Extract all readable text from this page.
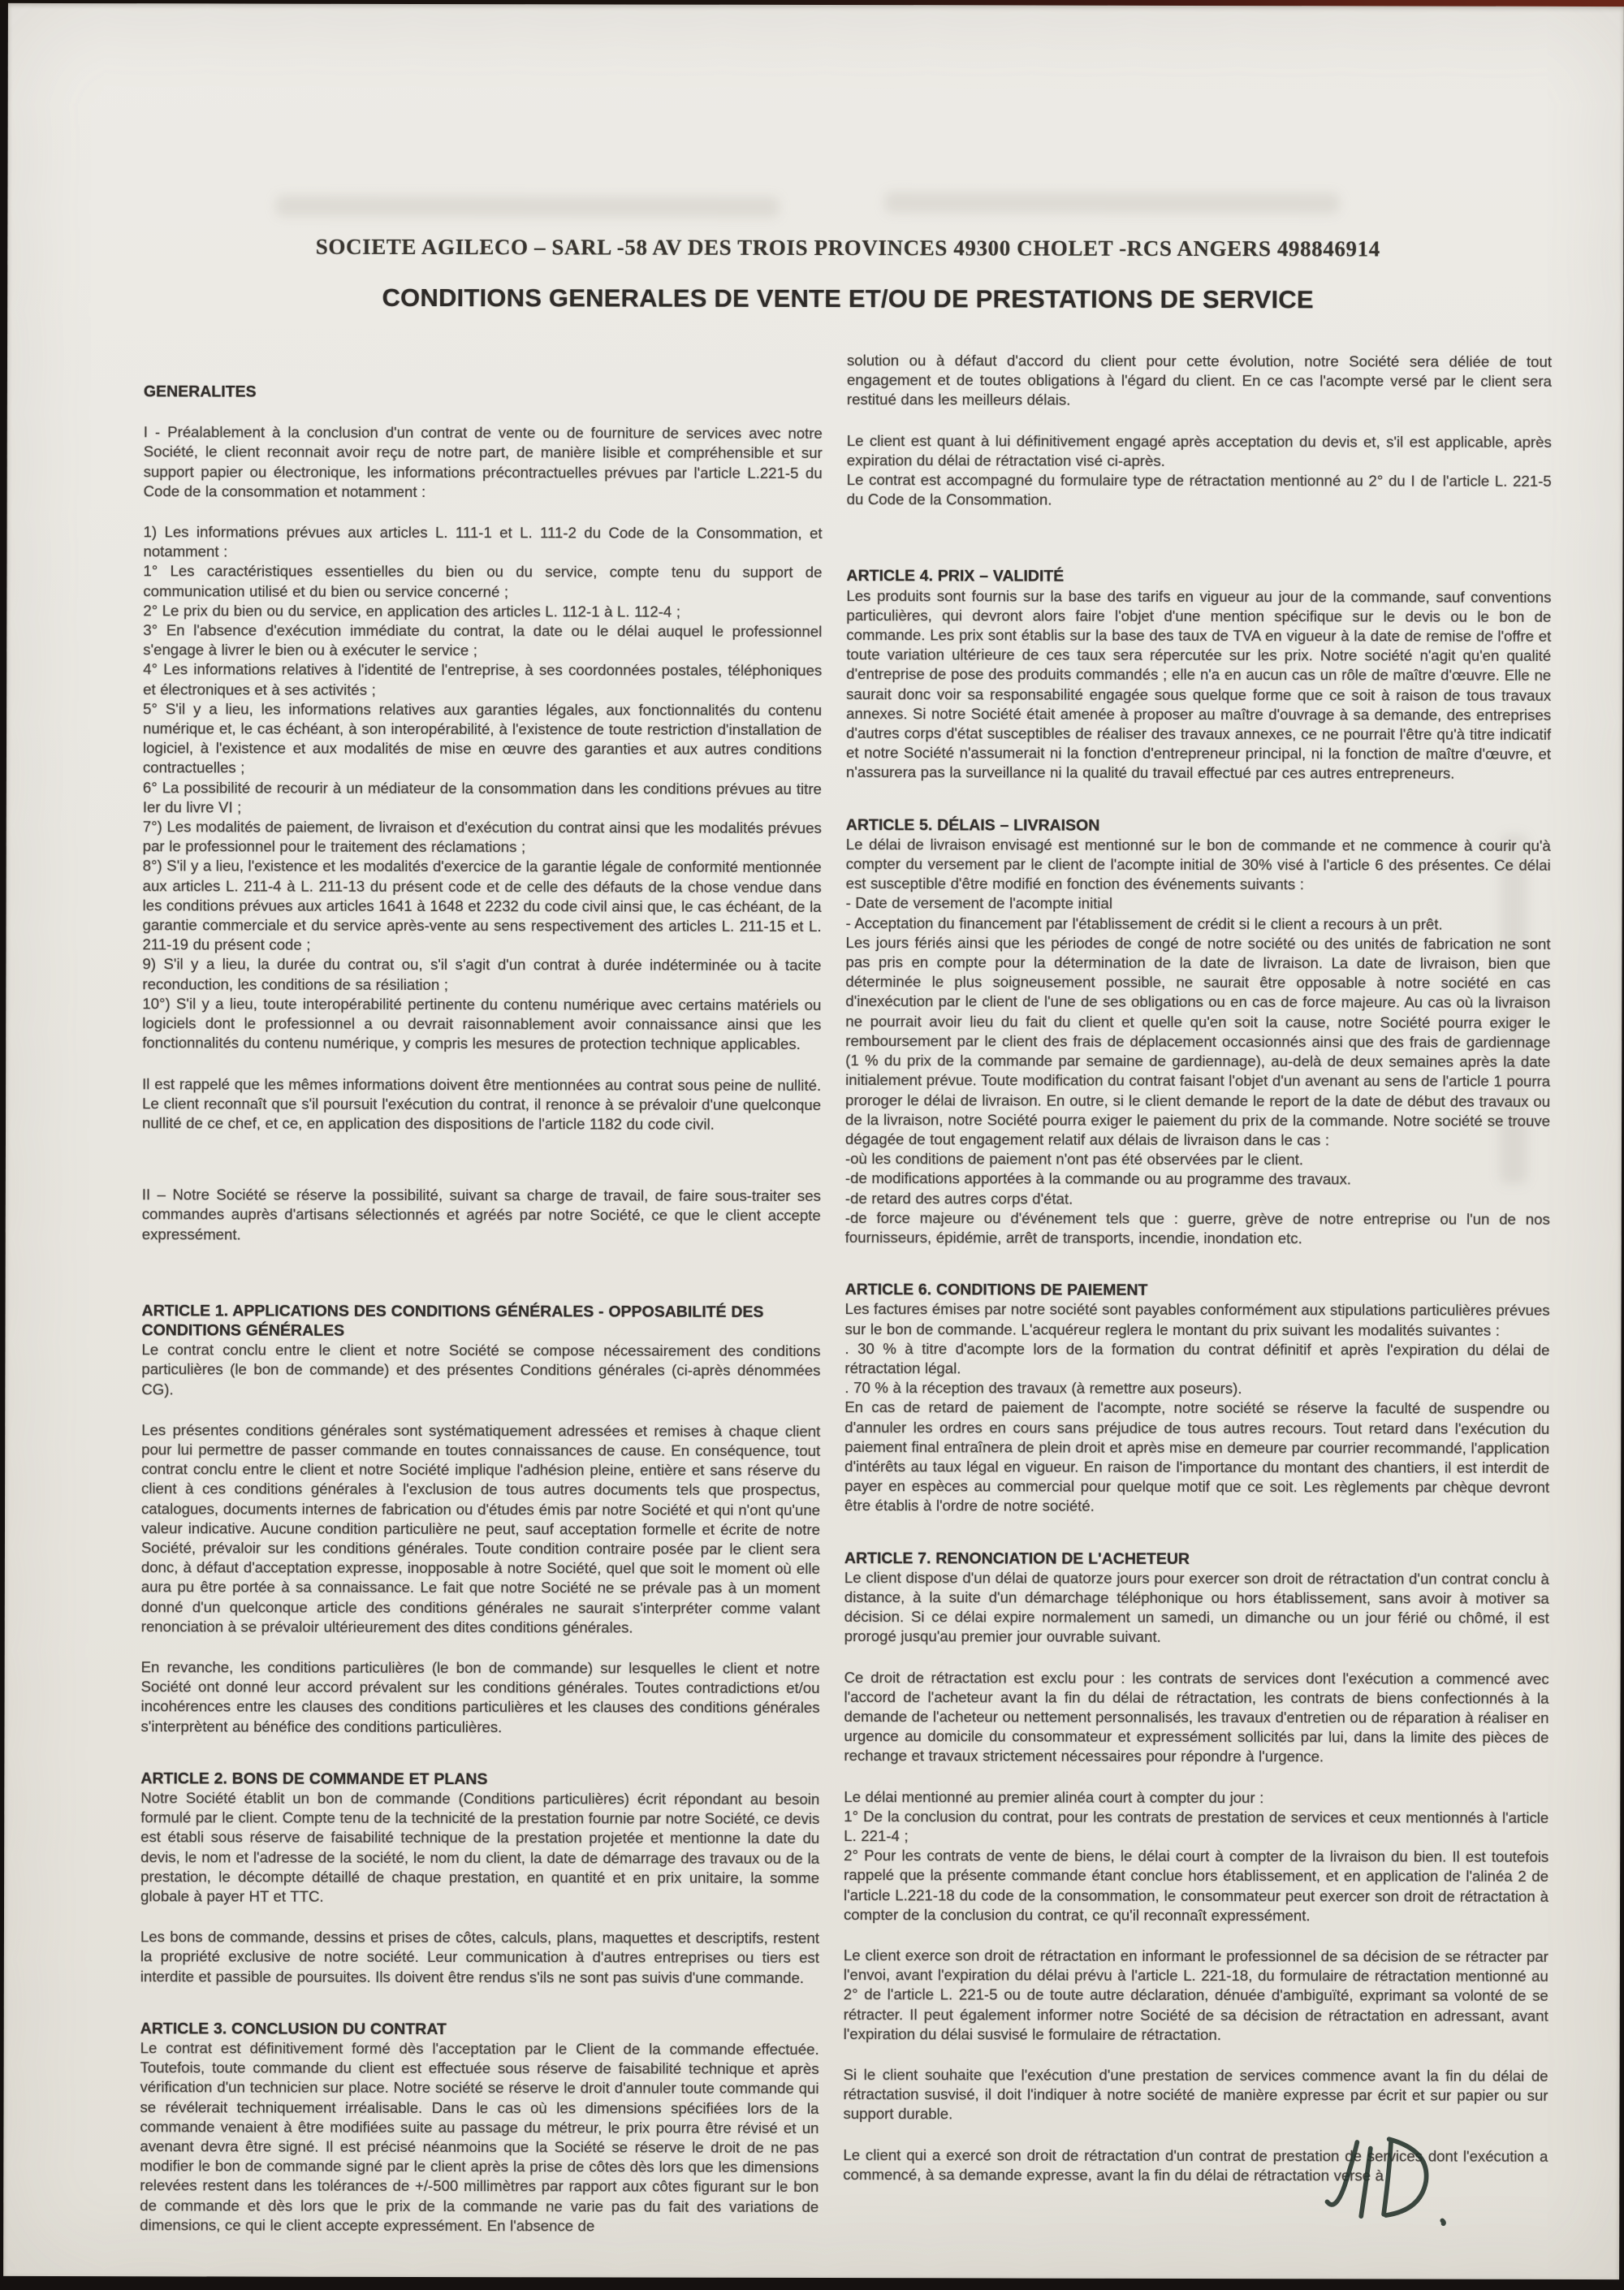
SOCIETE AGILECO – SARL -58 AV DES TROIS PROVINCES 49300 CHOLET -RCS ANGERS 498846914
CONDITIONS GENERALES DE VENTE ET/OU DE PRESTATIONS DE SERVICE
GENERALITES
I - Préalablement à la conclusion d'un contrat de vente ou de fourniture de services avec notre Société, le client reconnait avoir reçu de notre part, de manière lisible et compréhensible et sur support papier ou électronique, les informations précontractuelles prévues par l'article L.221-5 du Code de la consommation et notamment :
1) Les informations prévues aux articles L. 111-1 et L. 111-2 du Code de la Consommation, et notamment :
1° Les caractéristiques essentielles du bien ou du service, compte tenu du support de communication utilisé et du bien ou service concerné ;
2° Le prix du bien ou du service, en application des articles L. 112-1 à L. 112-4 ;
3° En l'absence d'exécution immédiate du contrat, la date ou le délai auquel le professionnel s'engage à livrer le bien ou à exécuter le service ;
4° Les informations relatives à l'identité de l'entreprise, à ses coordonnées postales, téléphoniques et électroniques et à ses activités ;
5° S'il y a lieu, les informations relatives aux garanties légales, aux fonctionnalités du contenu numérique et, le cas échéant, à son interopérabilité, à l'existence de toute restriction d'installation de logiciel, à l'existence et aux modalités de mise en œuvre des garanties et aux autres conditions contractuelles ;
6° La possibilité de recourir à un médiateur de la consommation dans les conditions prévues au titre Ier du livre VI ;
7°) Les modalités de paiement, de livraison et d'exécution du contrat ainsi que les modalités prévues par le professionnel pour le traitement des réclamations ;
8°) S'il y a lieu, l'existence et les modalités d'exercice de la garantie légale de conformité mentionnée aux articles L. 211-4 à L. 211-13 du présent code et de celle des défauts de la chose vendue dans les conditions prévues aux articles 1641 à 1648 et 2232 du code civil ainsi que, le cas échéant, de la garantie commerciale et du service après-vente au sens respectivement des articles L. 211-15 et L. 211-19 du présent code ;
9) S'il y a lieu, la durée du contrat ou, s'il s'agit d'un contrat à durée indéterminée ou à tacite reconduction, les conditions de sa résiliation ;
10°) S'il y a lieu, toute interopérabilité pertinente du contenu numérique avec certains matériels ou logiciels dont le professionnel a ou devrait raisonnablement avoir connaissance ainsi que les fonctionnalités du contenu numérique, y compris les mesures de protection technique applicables.
Il est rappelé que les mêmes informations doivent être mentionnées au contrat sous peine de nullité. Le client reconnaît que s'il poursuit l'exécution du contrat, il renonce à se prévaloir d'une quelconque nullité de ce chef, et ce, en application des dispositions de l'article 1182 du code civil.
II – Notre Société se réserve la possibilité, suivant sa charge de travail, de faire sous-traiter ses commandes auprès d'artisans sélectionnés et agréés par notre Société, ce que le client accepte expressément.
ARTICLE 1. APPLICATIONS DES CONDITIONS GÉNÉRALES - OPPOSABILITÉ DES CONDITIONS GÉNÉRALES
Le contrat conclu entre le client et notre Société se compose nécessairement des conditions particulières (le bon de commande) et des présentes Conditions générales (ci-après dénommées CG).
Les présentes conditions générales sont systématiquement adressées et remises à chaque client pour lui permettre de passer commande en toutes connaissances de cause. En conséquence, tout contrat conclu entre le client et notre Société implique l'adhésion pleine, entière et sans réserve du client à ces conditions générales à l'exclusion de tous autres documents tels que prospectus, catalogues, documents internes de fabrication ou d'études émis par notre Société et qui n'ont qu'une valeur indicative. Aucune condition particulière ne peut, sauf acceptation formelle et écrite de notre Société, prévaloir sur les conditions générales. Toute condition contraire posée par le client sera donc, à défaut d'acceptation expresse, inopposable à notre Société, quel que soit le moment où elle aura pu être portée à sa connaissance. Le fait que notre Société ne se prévale pas à un moment donné d'un quelconque article des conditions générales ne saurait s'interpréter comme valant renonciation à se prévaloir ultérieurement des dites conditions générales.
En revanche, les conditions particulières (le bon de commande) sur lesquelles le client et notre Société ont donné leur accord prévalent sur les conditions générales. Toutes contradictions et/ou incohérences entre les clauses des conditions particulières et les clauses des conditions générales s'interprètent au bénéfice des conditions particulières.
ARTICLE 2. BONS DE COMMANDE ET PLANS
Notre Société établit un bon de commande (Conditions particulières) écrit répondant au besoin formulé par le client. Compte tenu de la technicité de la prestation fournie par notre Société, ce devis est établi sous réserve de faisabilité technique de la prestation projetée et mentionne la date du devis, le nom et l'adresse de la société, le nom du client, la date de démarrage des travaux ou de la prestation, le décompte détaillé de chaque prestation, en quantité et en prix unitaire, la somme globale à payer HT et TTC.
Les bons de commande, dessins et prises de côtes, calculs, plans, maquettes et descriptifs, restent la propriété exclusive de notre société. Leur communication à d'autres entreprises ou tiers est interdite et passible de poursuites. Ils doivent être rendus s'ils ne sont pas suivis d'une commande.
ARTICLE 3. CONCLUSION DU CONTRAT
Le contrat est définitivement formé dès l'acceptation par le Client de la commande effectuée. Toutefois, toute commande du client est effectuée sous réserve de faisabilité technique et après vérification d'un technicien sur place. Notre société se réserve le droit d'annuler toute commande qui se révélerait techniquement irréalisable. Dans le cas où les dimensions spécifiées lors de la commande venaient à être modifiées suite au passage du métreur, le prix pourra être révisé et un avenant devra être signé. Il est précisé néanmoins que la Société se réserve le droit de ne pas modifier le bon de commande signé par le client après la prise de côtes dès lors que les dimensions relevées restent dans les tolérances de +/-500 millimètres par rapport aux côtes figurant sur le bon de commande et dès lors que le prix de la commande ne varie pas du fait des variations de dimensions, ce qui le client accepte expressément. En l'absence de
solution ou à défaut d'accord du client pour cette évolution, notre Société sera déliée de tout engagement et de toutes obligations à l'égard du client. En ce cas l'acompte versé par le client sera restitué dans les meilleurs délais.
Le client est quant à lui définitivement engagé après acceptation du devis et, s'il est applicable, après expiration du délai de rétractation visé ci-après.
Le contrat est accompagné du formulaire type de rétractation mentionné au 2° du I de l'article L. 221-5 du Code de la Consommation.
ARTICLE 4. PRIX – VALIDITÉ
Les produits sont fournis sur la base des tarifs en vigueur au jour de la commande, sauf conventions particulières, qui devront alors faire l'objet d'une mention spécifique sur le devis ou le bon de commande. Les prix sont établis sur la base des taux de TVA en vigueur à la date de remise de l'offre et toute variation ultérieure de ces taux sera répercutée sur les prix. Notre société n'agit qu'en qualité d'entreprise de pose des produits commandés ; elle n'a en aucun cas un rôle de maître d'œuvre. Elle ne saurait donc voir sa responsabilité engagée sous quelque forme que ce soit à raison de tous travaux annexes. Si notre Société était amenée à proposer au maître d'ouvrage à sa demande, des entreprises d'autres corps d'état susceptibles de réaliser des travaux annexes, ce ne pourrait l'être qu'à titre indicatif et notre Société n'assumerait ni la fonction d'entrepreneur principal, ni la fonction de maître d'œuvre, et n'assurera pas la surveillance ni la qualité du travail effectué par ces autres entrepreneurs.
ARTICLE 5. DÉLAIS – LIVRAISON
Le délai de livraison envisagé est mentionné sur le bon de commande et ne commence à courir qu'à compter du versement par le client de l'acompte initial de 30% visé à l'article 6 des présentes. Ce délai est susceptible d'être modifié en fonction des événements suivants :
- Date de versement de l'acompte initial
- Acceptation du financement par l'établissement de crédit si le client a recours à un prêt.
Les jours fériés ainsi que les périodes de congé de notre société ou des unités de fabrication ne sont pas pris en compte pour la détermination de la date de livraison. La date de livraison, bien que déterminée le plus soigneusement possible, ne saurait être opposable à notre société en cas d'inexécution par le client de l'une de ses obligations ou en cas de force majeure. Au cas où la livraison ne pourrait avoir lieu du fait du client et quelle qu'en soit la cause, notre Société pourra exiger le remboursement par le client des frais de déplacement occasionnés ainsi que des frais de gardiennage (1 % du prix de la commande par semaine de gardiennage), au-delà de deux semaines après la date initialement prévue. Toute modification du contrat faisant l'objet d'un avenant au sens de l'article 1 pourra proroger le délai de livraison. En outre, si le client demande le report de la date de début des travaux ou de la livraison, notre Société pourra exiger le paiement du prix de la commande. Notre société se trouve dégagée de tout engagement relatif aux délais de livraison dans le cas :
-où les conditions de paiement n'ont pas été observées par le client.
-de modifications apportées à la commande ou au programme des travaux.
-de retard des autres corps d'état.
-de force majeure ou d'événement tels que : guerre, grève de notre entreprise ou l'un de nos fournisseurs, épidémie, arrêt de transports, incendie, inondation etc.
ARTICLE 6. CONDITIONS DE PAIEMENT
Les factures émises par notre société sont payables conformément aux stipulations particulières prévues sur le bon de commande. L'acquéreur reglera le montant du prix suivant les modalités suivantes :
. 30 % à titre d'acompte lors de la formation du contrat définitif et après l'expiration du délai de rétractation légal.
. 70 % à la réception des travaux (à remettre aux poseurs).
En cas de retard de paiement de l'acompte, notre société se réserve la faculté de suspendre ou d'annuler les ordres en cours sans préjudice de tous autres recours. Tout retard dans l'exécution du paiement final entraînera de plein droit et après mise en demeure par courrier recommandé, l'application d'intérêts au taux légal en vigueur. En raison de l'importance du montant des chantiers, il est interdit de payer en espèces au commercial pour quelque motif que ce soit. Les règlements par chèque devront être établis à l'ordre de notre société.
ARTICLE 7. RENONCIATION DE L'ACHETEUR
Le client dispose d'un délai de quatorze jours pour exercer son droit de rétractation d'un contrat conclu à distance, à la suite d'un démarchage téléphonique ou hors établissement, sans avoir à motiver sa décision. Si ce délai expire normalement un samedi, un dimanche ou un jour férié ou chômé, il est prorogé jusqu'au premier jour ouvrable suivant.
Ce droit de rétractation est exclu pour : les contrats de services dont l'exécution a commencé avec l'accord de l'acheteur avant la fin du délai de rétractation, les contrats de biens confectionnés à la demande de l'acheteur ou nettement personnalisés, les travaux d'entretien ou de réparation à réaliser en urgence au domicile du consommateur et expressément sollicités par lui, dans la limite des pièces de rechange et travaux strictement nécessaires pour répondre à l'urgence.
Le délai mentionné au premier alinéa court à compter du jour :
1° De la conclusion du contrat, pour les contrats de prestation de services et ceux mentionnés à l'article L. 221-4 ;
2° Pour les contrats de vente de biens, le délai court à compter de la livraison du bien. Il est toutefois rappelé que la présente commande étant conclue hors établissement, et en application de l'alinéa 2 de l'article L.221-18 du code de la consommation, le consommateur peut exercer son droit de rétractation à compter de la conclusion du contrat, ce qu'il reconnaît expressément.
Le client exerce son droit de rétractation en informant le professionnel de sa décision de se rétracter par l'envoi, avant l'expiration du délai prévu à l'article L. 221-18, du formulaire de rétractation mentionné au 2° de l'article L. 221-5 ou de toute autre déclaration, dénuée d'ambiguïté, exprimant sa volonté de se rétracter. Il peut également informer notre Société de sa décision de rétractation en adressant, avant l'expiration du délai susvisé le formulaire de rétractation.
Si le client souhaite que l'exécution d'une prestation de services commence avant la fin du délai de rétractation susvisé, il doit l'indiquer à notre société de manière expresse par écrit et sur papier ou sur support durable.
Le client qui a exercé son droit de rétractation d'un contrat de prestation de services dont l'exécution a commencé, à sa demande expresse, avant la fin du délai de rétractation verse à
